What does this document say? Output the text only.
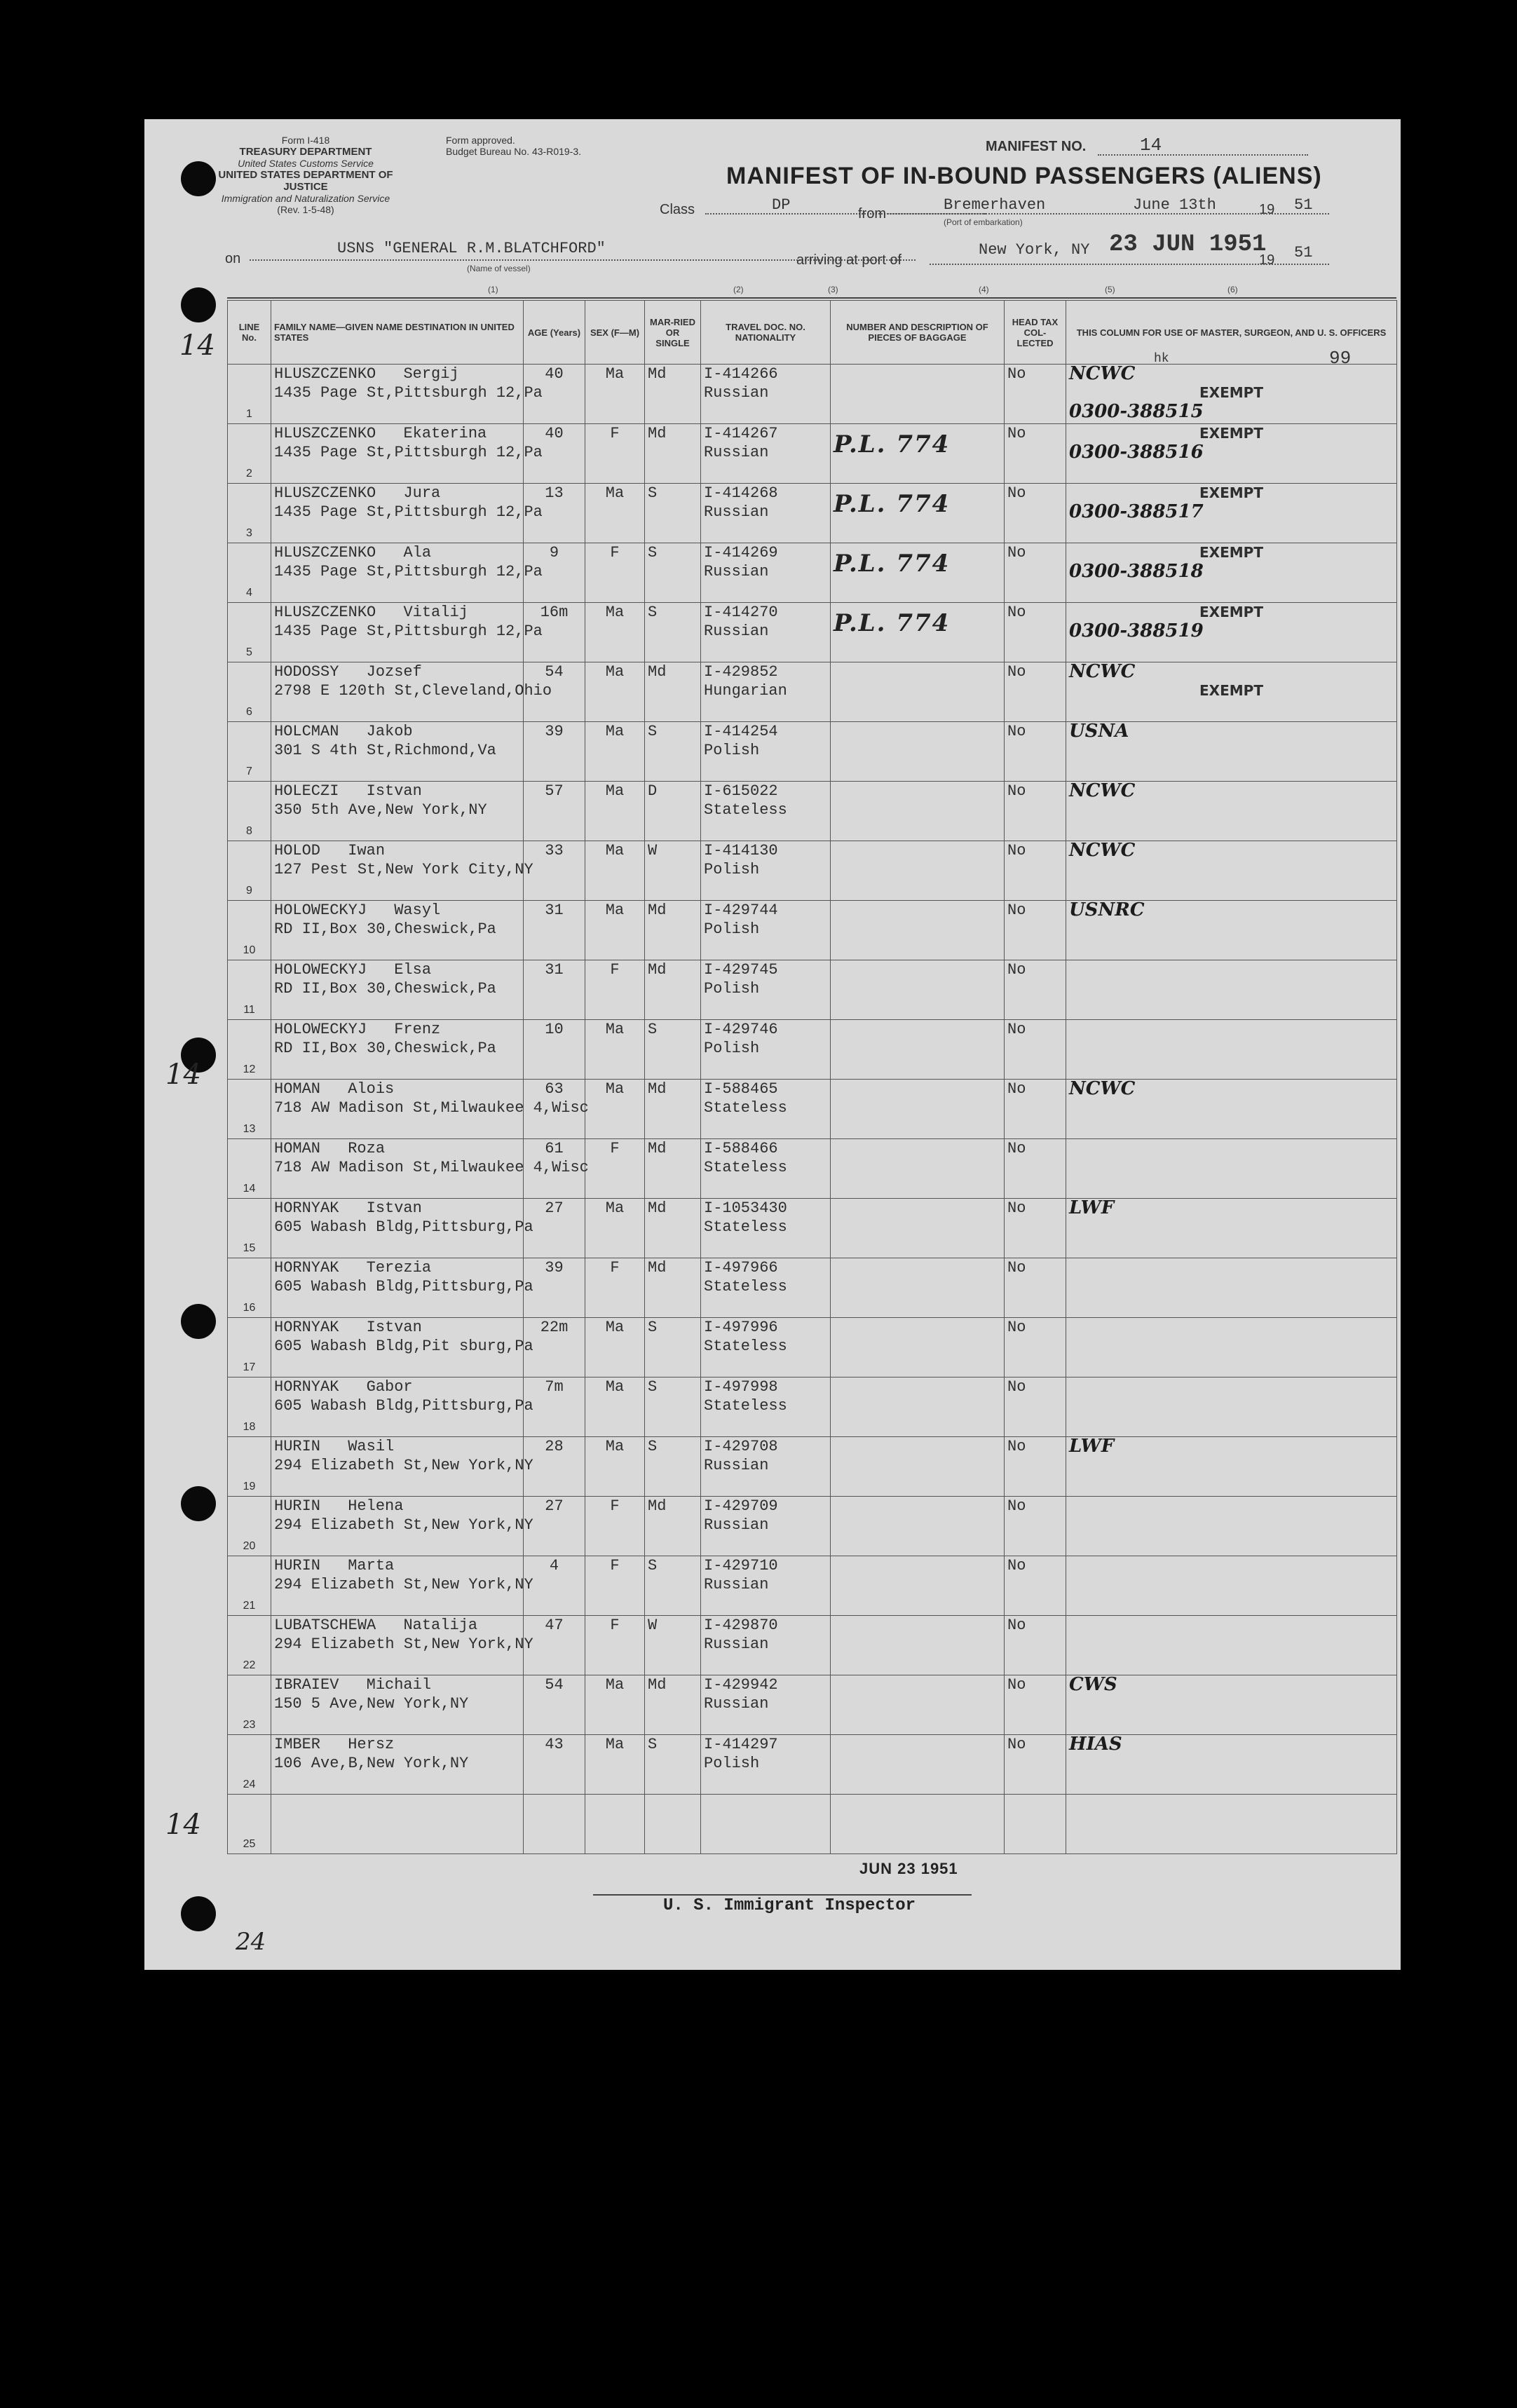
Form I-418
TREASURY DEPARTMENT
United States Customs Service
UNITED STATES DEPARTMENT OF JUSTICE
Immigration and Naturalization Service
(Rev. 1-5-48)
Form approved.
Budget Bureau No. 43-R019-3.	MANIFEST NO.	14
MANIFEST OF IN-BOUND PASSENGERS (ALIENS)
Class	DP	from	Bremerhaven
(Port of embarkation)
June 13th	19 51
on
USNS "GENERAL R.M.BLATCHFORD"
(Name of vessel)
arriving at port of
New York, NY 23 JUN 1951
19 51
(1)	(2)	(3)	(4)	(5)	(6)
LINE No.	FAMILY NAME—GIVEN NAME DESTINATION IN UNITED STATES	AGE (Years)	SEX (F—M)	MAR-RIED OR SINGLE	TRAVEL DOC. NO. NATIONALITY	NUMBER AND DESCRIPTION OF PIECES OF BAGGAGE	HEAD TAX COL-LECTED	THIS COLUMN FOR USE OF MASTER, SURGEON, AND U. S. OFFICERS
1	HLUSZCZENKO Sergij
1435 Page St,Pittsburgh 12,Pa	40	Ma	Md	I-414266
Russian		No	NCWC
EXEMPT
0300-388515

2	HLUSZCZENKO Ekaterina
1435 Page St,Pittsburgh 12,Pa	40	F	Md	I-414267
Russian	P.L. 774	No	EXEMPT
0300-388516

3	HLUSZCZENKO Jura
1435 Page St,Pittsburgh 12,Pa	13	Ma	S	I-414268
Russian	P.L. 774	No	EXEMPT
0300-388517

4	HLUSZCZENKO Ala
1435 Page St,Pittsburgh 12,Pa	9	F	S	I-414269
Russian	P.L. 774	No	EXEMPT
0300-388518

5	HLUSZCZENKO Vitalij
1435 Page St,Pittsburgh 12,Pa	16m	Ma	S	I-414270
Russian	P.L. 774	No	EXEMPT
0300-388519

6	HODOSSY Jozsef
2798 E 120th St,Cleveland,Ohio	54	Ma	Md	I-429852
Hungarian		No	NCWC
EXEMPT

7	HOLCMAN Jakob
301 S 4th St,Richmond,Va	39	Ma	S	I-414254
Polish		No	USNA

8	HOLECZI Istvan
350 5th Ave,New York,NY	57	Ma	D	I-615022
Stateless		No	NCWC

9	HOLOD Iwan
127 Pest St,New York City,NY	33	Ma	W	I-414130
Polish		No	NCWC

10	HOLOWECKYJ Wasyl
RD II,Box 30,Cheswick,Pa	31	Ma	Md	I-429744
Polish		No	USNRC

11	HOLOWECKYJ Elsa
RD II,Box 30,Cheswick,Pa	31	F	Md	I-429745
Polish		No	
12	HOLOWECKYJ Frenz
RD II,Box 30,Cheswick,Pa	10	Ma	S	I-429746
Polish		No	
13	HOMAN Alois
718 AW Madison St,Milwaukee 4,Wisc	63	Ma	Md	I-588465
Stateless		No	NCWC

14	HOMAN Roza
718 AW Madison St,Milwaukee 4,Wisc	61	F	Md	I-588466
Stateless		No	
15	HORNYAK Istvan
605 Wabash Bldg,Pittsburg,Pa	27	Ma	Md	I-1053430
Stateless		No	LWF

16	HORNYAK Terezia
605 Wabash Bldg,Pittsburg,Pa	39	F	Md	I-497966
Stateless		No	
17	HORNYAK Istvan
605 Wabash Bldg,Pit sburg,Pa	22m	Ma	S	I-497996
Stateless		No	
18	HORNYAK Gabor
605 Wabash Bldg,Pittsburg,Pa	7m	Ma	S	I-497998
Stateless		No	
19	HURIN Wasil
294 Elizabeth St,New York,NY	28	Ma	S	I-429708
Russian		No	LWF

20	HURIN Helena
294 Elizabeth St,New York,NY	27	F	Md	I-429709
Russian		No	
21	HURIN Marta
294 Elizabeth St,New York,NY	4	F	S	I-429710
Russian		No	
22	LUBATSCHEWA Natalija
294 Elizabeth St,New York,NY	47	F	W	I-429870
Russian		No	
23	IBRAIEV Michail
150 5 Ave,New York,NY	54	Ma	Md	I-429942
Russian		No	CWS

24	IMBER Hersz
106 Ave,B,New York,NY	43	Ma	S	I-414297
Polish		No	HIAS

25	

hk	99
14
14
14
24
JUN 23 1951
U. S. Immigrant Inspector
